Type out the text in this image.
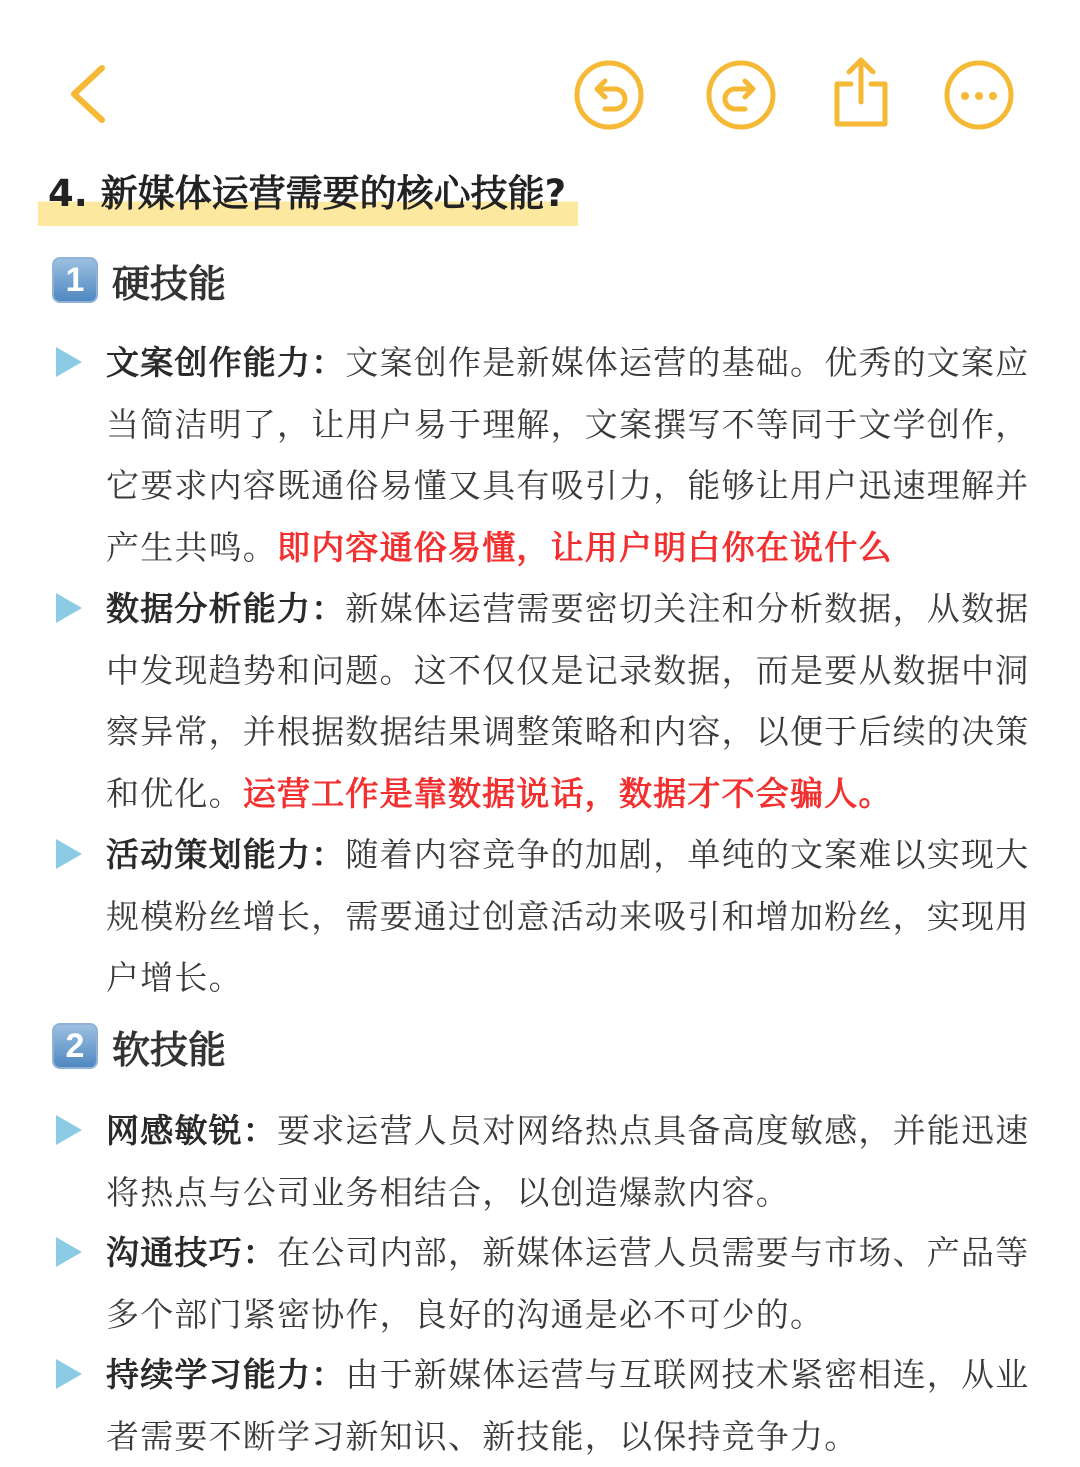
4. 新媒体运营需要的核心技能?
1 硬技能
文案创作能力：文案创作是新媒体运营的基础。优秀的文案应当简洁明了，让用户易于理解，文案撰写不等同于文学创作，它要求内容既通俗易懂又具有吸引力，能够让用户迅速理解并产生共鸣。即内容通俗易懂，让用户明白你在说什么
数据分析能力：新媒体运营需要密切关注和分析数据，从数据中发现趋势和问题。这不仅仅是记录数据，而是要从数据中洞察异常，并根据数据结果调整策略和内容，以便于后续的决策和优化。运营工作是靠数据说话，数据才不会骗人。
活动策划能力：随着内容竞争的加剧，单纯的文案难以实现大规模粉丝增长，需要通过创意活动来吸引和增加粉丝，实现用户增长。
2 软技能
网感敏锐：要求运营人员对网络热点具备高度敏感，并能迅速将热点与公司业务相结合，以创造爆款内容。
沟通技巧：在公司内部，新媒体运营人员需要与市场、产品等多个部门紧密协作，良好的沟通是必不可少的。
持续学习能力：由于新媒体运营与互联网技术紧密相连，从业者需要不断学习新知识、新技能，以保持竞争力。
